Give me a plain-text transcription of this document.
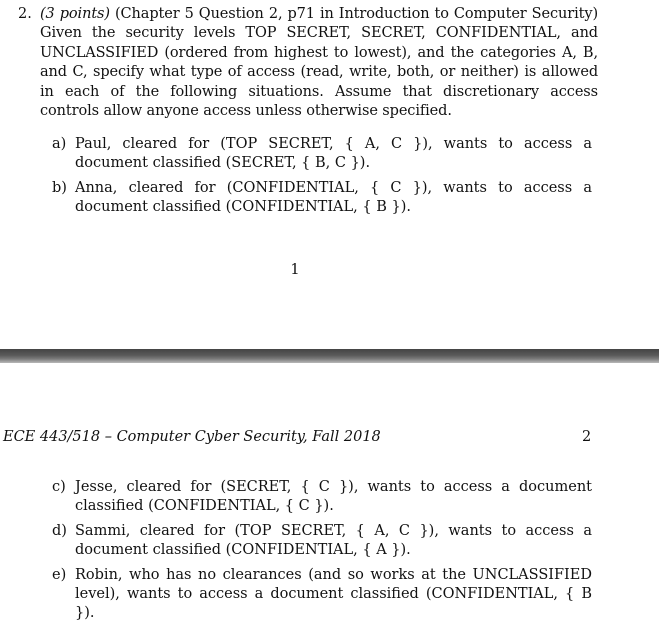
2. (3 points) (Chapter 5 Question 2, p71 in Introduction to Computer Security) Given the security levels TOP SECRET, SECRET, CONFIDENTIAL, and UNCLASSIFIED (ordered from highest to lowest), and the categories A, B, and C, specify what type of access (read, write, both, or neither) is allowed in each of the following situations. Assume that discretionary access controls allow anyone access unless otherwise specified.
a) Paul, cleared for (TOP SECRET, { A, C }), wants to access a document classified (SECRET, { B, C }).
b) Anna, cleared for (CONFIDENTIAL, { C }), wants to access a document classified (CONFIDENTIAL, { B }).
1
ECE 443/518 – Computer Cyber Security, Fall 2018	2
c) Jesse, cleared for (SECRET, { C }), wants to access a document classified (CONFIDENTIAL, { C }).
d) Sammi, cleared for (TOP SECRET, { A, C }), wants to access a document classified (CONFIDENTIAL, { A }).
e) Robin, who has no clearances (and so works at the UNCLASSIFIED level), wants to access a document classified (CONFIDENTIAL, { B }).
